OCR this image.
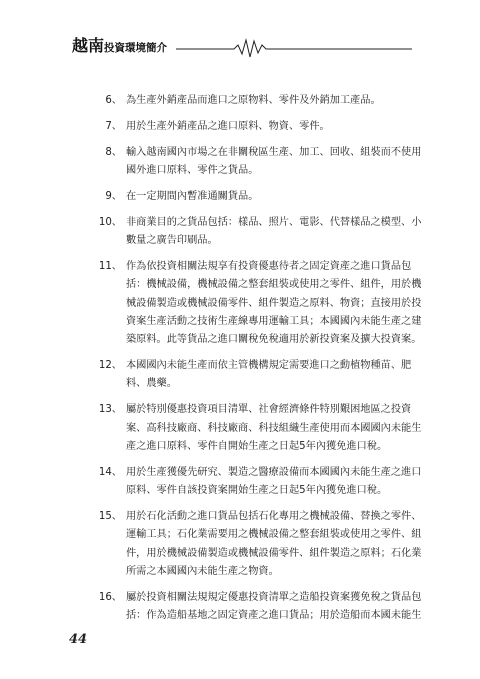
越南投資環境簡介
6、 為生產外銷產品而進口之原物料、零件及外銷加工產品。
7、 用於生產外銷產品之進口原料、物資、零件。
8、 輸入越南國內市場之在非關稅區生產、加工、回收、組裝而不使用
國外進口原料、零件之貨品。
9、 在一定期間內暫准通關貨品。
10、 非商業目的之貨品包括：樣品、照片、電影、代替樣品之模型、小
數量之廣告印刷品。
11、 作為依投資相關法規享有投資優惠待者之固定資產之進口貨品包
括：機械設備，機械設備之整套組裝或使用之零件、組件，用於機
械設備製造或機械設備零件、組件製造之原料、物資；直接用於投
資案生產活動之技術生產線專用運輸工具；本國國內未能生產之建
築原料。此等貨品之進口關稅免稅適用於新投資案及擴大投資案。
12、 本國國內未能生產而依主管機構規定需要進口之動植物種苗、肥
料、農藥。
13、 屬於特別優惠投資項目清單、社會經濟條件特別艱困地區之投資
案、高科技廠商、科技廠商、科技組織生產使用而本國國內未能生
產之進口原料、零件自開始生產之日起5年內獲免進口稅。
14、 用於生產獲優先研究、製造之醫療設備而本國國內未能生產之進口
原料、零件自該投資案開始生產之日起5年內獲免進口稅。
15、 用於石化活動之進口貨品包括石化專用之機械設備、替換之零件、
運輸工具；石化業需要用之機械設備之整套組裝或使用之零件、組
件，用於機械設備製造或機械設備零件、組件製造之原料；石化業
所需之本國國內未能生產之物資。
16、 屬於投資相關法規規定優惠投資清單之造船投資案獲免稅之貨品包
括：作為造船基地之固定資產之進口貨品；用於造船而本國未能生
44
